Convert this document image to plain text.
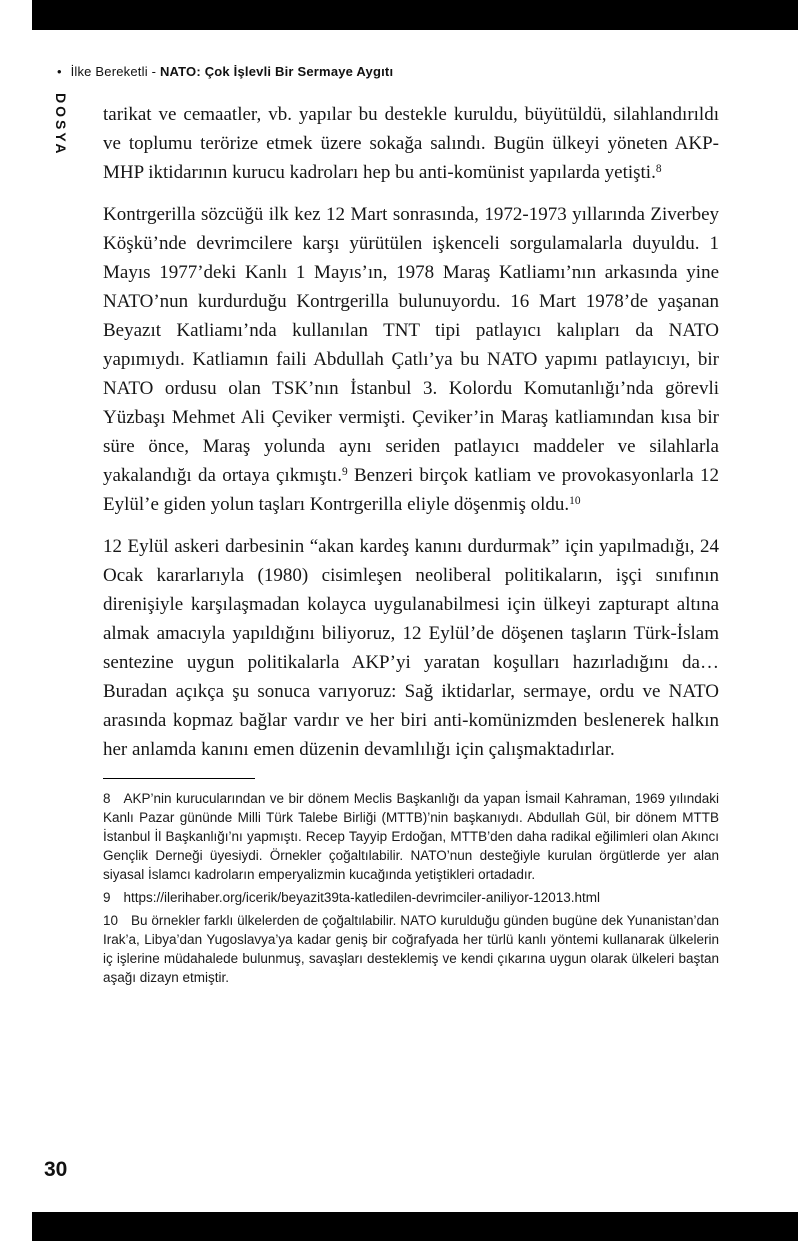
• İlke Bereketli - NATO: Çok İşlevli Bir Sermaye Aygıtı
DOSYA tarikat ve cemaatler, vb. yapılar bu destekle kuruldu, büyütüldü, silahlandırıldı ve toplumu terörize etmek üzere sokağa salındı. Bugün ülkeyi yöneten AKP-MHP iktidarının kurucu kadroları hep bu anti-komünist yapılarda yetişti.$^8$

Kontrgerilla sözcüğü ilk kez 12 Mart sonrasında, 1972-1973 yıllarında Ziverbey Köşkü’nde devrimcilere karşı yürütülen işkenceli sorgulamalarla duyuldu. 1 Mayıs 1977’deki Kanlı 1 Mayıs’ın, 1978 Maraş Katliamı’nın arkasında yine NATO’nun kurdurduğu Kontrgerilla bulunuyordu. 16 Mart 1978’de yaşanan Beyazıt Katliamı’nda kullanılan TNT tipi patlayıcı kalıpları da NATO yapımıydı. Katliamın faili Abdullah Çatlı’ya bu NATO yapımı patlayıcıyı, bir NATO ordusu olan TSK’nın İstanbul 3. Kolordu Komutanlığı’nda görevli Yüzbaşı Mehmet Ali Çeviker vermişti. Çeviker’in Maraş katliamından kısa bir süre önce, Maraş yolunda aynı seriden patlayıcı maddeler ve silahlarla yakalandığı da ortaya çıkmıştı.$^9$ Benzeri birçok katliam ve provokasyonlarla 12 Eylül’e giden yolun taşları Kontrgerilla eliyle döşenmiş oldu.$^{10}$

12 Eylül askeri darbesinin “akan kardeş kanını durdurmak” için yapılmadığı, 24 Ocak kararlarıyla (1980) cisimleşen neoliberal politikaların, işçi sınıfının direnişiyle karşılaşmadan kolayca uygulanabilmesi için ülkeyi zapturapt altına almak amacıyla yapıldığını biliyoruz, 12 Eylül’de döşenen taşların Türk-İslam sentezine uygun politikalarla AKP’yi yaratan koşulları hazırladığını da… Buradan açıkça şu sonuca varıyoruz: Sağ iktidarlar, sermaye, ordu ve NATO arasında kopmaz bağlar vardır ve her biri anti-komünizmden beslenerek halkın her anlamda kanını emen düzenin devamlılığı için çalışmaktadırlar.

8 AKP’nin kurucularından ve bir dönem Meclis Başkanlığı da yapan İsmail Kahraman, 1969 yılındaki Kanlı Pazar gününde Milli Türk Talebe Birliği (MTTB)’nin başkanıydı. Abdullah Gül, bir dönem MTTB İstanbul İl Başkanlığı’nı yapmıştı. Recep Tayyip Erdoğan, MTTB’den daha radikal eğilimleri olan Akıncı Gençlik Derneği üyesiydi. Örnekler çoğaltılabilir. NATO’nun desteğiyle kurulan örgütlerde yer alan siyasal İslamcı kadroların emperyalizmin kucağında yetiştikleri ortadadır.
9 https://ilerihaber.org/icerik/beyazit39ta-katledilen-devrimciler-aniliyor-12013.html
10 Bu örnekler farklı ülkelerden de çoğaltılabilir. NATO kurulduğu günden bugüne dek Yunanistan’dan Irak’a, Libya’dan Yugoslavya’ya kadar geniş bir coğrafyada her türlü kanlı yöntemi kullanarak ülkelerin iç işlerine müdahalede bulunmuş, savaşları desteklemiş ve kendi çıkarına uygun olarak ülkeleri baştan aşağı dizayn etmiştir.
30
